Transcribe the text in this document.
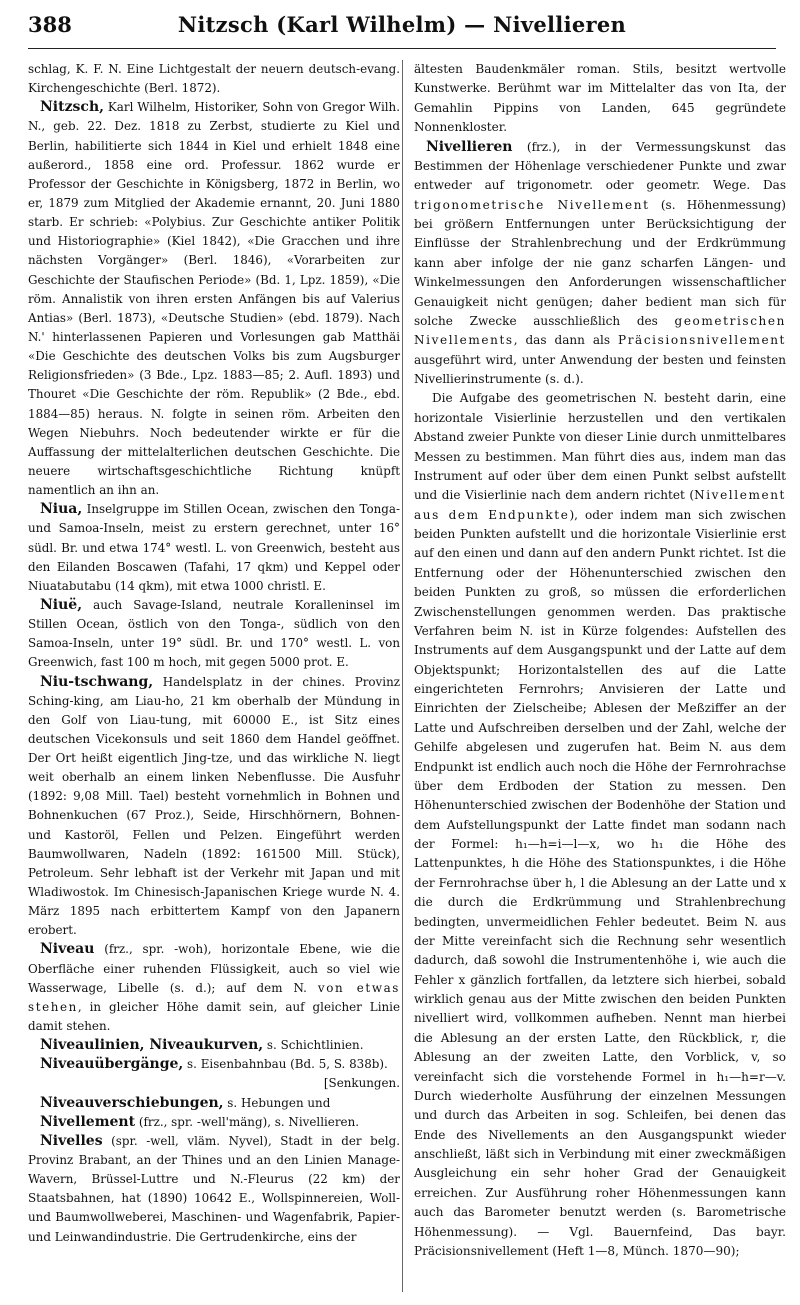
388	Nitzsch (Karl Wilhelm) — Nivellieren

schlag, K. F. N. Eine Lichtgestalt der neuern deutsch-evang. Kirchengeschichte (Berl. 1872).

Nitzsch, Karl Wilhelm, Historiker, Sohn von Gregor Wilh. N., geb. 22. Dez. 1818 zu Zerbst, studierte zu Kiel und Berlin, habilitierte sich 1844 in Kiel und erhielt 1848 eine außerord., 1858 eine ord. Professur. 1862 wurde er Professor der Geschichte in Königsberg, 1872 in Berlin, wo er, 1879 zum Mitglied der Akademie ernannt, 20. Juni 1880 starb. Er schrieb: «Polybius. Zur Geschichte antiker Politik und Historiographie» (Kiel 1842), «Die Gracchen und ihre nächsten Vorgänger» (Berl. 1846), «Vorarbeiten zur Geschichte der Staufischen Periode» (Bd. 1, Lpz. 1859), «Die röm. Annalistik von ihren ersten Anfängen bis auf Valerius Antias» (Berl. 1873), «Deutsche Studien» (ebd. 1879). Nach N.' hinterlassenen Papieren und Vorlesungen gab Matthäi «Die Geschichte des deutschen Volks bis zum Augsburger Religionsfrieden» (3 Bde., Lpz. 1883—85; 2. Aufl. 1893) und Thouret «Die Geschichte der röm. Republik» (2 Bde., ebd. 1884—85) heraus. N. folgte in seinen röm. Arbeiten den Wegen Niebuhrs. Noch bedeutender wirkte er für die Auffassung der mittelalterlichen deutschen Geschichte. Die neuere wirtschaftsgeschichtliche Richtung knüpft namentlich an ihn an.

Niua, Inselgruppe im Stillen Ocean, zwischen den Tonga- und Samoa-Inseln, meist zu erstern gerechnet, unter 16° südl. Br. und etwa 174° westl. L. von Greenwich, besteht aus den Eilanden Boscawen (Tafahi, 17 qkm) und Keppel oder Niuatabutabu (14 qkm), mit etwa 1000 christl. E.

Niuë, auch Savage-Island, neutrale Koralleninsel im Stillen Ocean, östlich von den Tonga-, südlich von den Samoa-Inseln, unter 19° südl. Br. und 170° westl. L. von Greenwich, fast 100 m hoch, mit gegen 5000 prot. E.

Niu-tschwang, Handelsplatz in der chines. Provinz Sching-king, am Liau-ho, 21 km oberhalb der Mündung in den Golf von Liau-tung, mit 60000 E., ist Sitz eines deutschen Vicekonsuls und seit 1860 dem Handel geöffnet. Der Ort heißt eigentlich Jing-tze, und das wirkliche N. liegt weit oberhalb an einem linken Nebenflusse. Die Ausfuhr (1892: 9,08 Mill. Tael) besteht vornehmlich in Bohnen und Bohnenkuchen (67 Proz.), Seide, Hirschhörnern, Bohnen- und Kastoröl, Fellen und Pelzen. Eingeführt werden Baumwollwaren, Nadeln (1892: 161500 Mill. Stück), Petroleum. Sehr lebhaft ist der Verkehr mit Japan und mit Wladiwostok. Im Chinesisch-Japanischen Kriege wurde N. 4. März 1895 nach erbittertem Kampf von den Japanern erobert.

Niveau (frz., spr. -woh), horizontale Ebene, wie die Oberfläche einer ruhenden Flüssigkeit, auch so viel wie Wasserwage, Libelle (s. d.); auf dem N. von etwas stehen, in gleicher Höhe damit sein, auf gleicher Linie damit stehen.

Niveaulinien, Niveaukurven, s. Schichtlinien.

Niveauübergänge, s. Eisenbahnbau (Bd. 5, S. 838b).

[Senkungen.

Niveauverschiebungen, s. Hebungen und

Nivellement (frz., spr. -well'mäng), s. Nivellieren.

Nivelles (spr. -well, vläm. Nyvel), Stadt in der belg. Provinz Brabant, an der Thines und an den Linien Manage-Wavern, Brüssel-Luttre und N.-Fleurus (22 km) der Staatsbahnen, hat (1890) 10642 E., Wollspinnereien, Woll- und Baumwollweberei, Maschinen- und Wagenfabrik, Papier- und Leinwandindustrie. Die Gertrudenkirche, eins der

ältesten Baudenkmäler roman. Stils, besitzt wertvolle Kunstwerke. Berühmt war im Mittelalter das von Ita, der Gemahlin Pippins von Landen, 645 gegründete Nonnenkloster.

Nivellieren (frz.), in der Vermessungskunst das Bestimmen der Höhenlage verschiedener Punkte und zwar entweder auf trigonometr. oder geometr. Wege. Das trigonometrische Nivellement (s. Höhenmessung) bei größern Entfernungen unter Berücksichtigung der Einflüsse der Strahlenbrechung und der Erdkrümmung kann aber infolge der nie ganz scharfen Längen- und Winkelmessungen den Anforderungen wissenschaftlicher Genauigkeit nicht genügen; daher bedient man sich für solche Zwecke ausschließlich des geometrischen Nivellements, das dann als Präcisionsnivellement ausgeführt wird, unter Anwendung der besten und feinsten Nivellierinstrumente (s. d.).

Die Aufgabe des geometrischen N. besteht darin, eine horizontale Visierlinie herzustellen und den vertikalen Abstand zweier Punkte von dieser Linie durch unmittelbares Messen zu bestimmen. Man führt dies aus, indem man das Instrument auf oder über dem einen Punkt selbst aufstellt und die Visierlinie nach dem andern richtet (Nivellement aus dem Endpunkte), oder indem man sich zwischen beiden Punkten aufstellt und die horizontale Visierlinie erst auf den einen und dann auf den andern Punkt richtet. Ist die Entfernung oder der Höhenunterschied zwischen den beiden Punkten zu groß, so müssen die erforderlichen Zwischenstellungen genommen werden. Das praktische Verfahren beim N. ist in Kürze folgendes: Aufstellen des Instruments auf dem Ausgangspunkt und der Latte auf dem Objektspunkt; Horizontalstellen des auf die Latte eingerichteten Fernrohrs; Anvisieren der Latte und Einrichten der Zielscheibe; Ablesen der Meßziffer an der Latte und Aufschreiben derselben und der Zahl, welche der Gehilfe abgelesen und zugerufen hat. Beim N. aus dem Endpunkt ist endlich auch noch die Höhe der Fernrohrachse über dem Erdboden der Station zu messen. Den Höhenunterschied zwischen der Bodenhöhe der Station und dem Aufstellungspunkt der Latte findet man sodann nach der Formel: h₁—h=i—l—x, wo h₁ die Höhe des Lattenpunktes, h die Höhe des Stationspunktes, i die Höhe der Fernrohrachse über h, l die Ablesung an der Latte und x die durch die Erdkrümmung und Strahlenbrechung bedingten, unvermeidlichen Fehler bedeutet. Beim N. aus der Mitte vereinfacht sich die Rechnung sehr wesentlich dadurch, daß sowohl die Instrumentenhöhe i, wie auch die Fehler x gänzlich fortfallen, da letztere sich hierbei, sobald wirklich genau aus der Mitte zwischen den beiden Punkten nivelliert wird, vollkommen aufheben. Nennt man hierbei die Ablesung an der ersten Latte, den Rückblick, r, die Ablesung an der zweiten Latte, den Vorblick, v, so vereinfacht sich die vorstehende Formel in h₁—h=r—v. Durch wiederholte Ausführung der einzelnen Messungen und durch das Arbeiten in sog. Schleifen, bei denen das Ende des Nivellements an den Ausgangspunkt wieder anschließt, läßt sich in Verbindung mit einer zweckmäßigen Ausgleichung ein sehr hoher Grad der Genauigkeit erreichen. Zur Ausführung roher Höhenmessungen kann auch das Barometer benutzt werden (s. Barometrische Höhenmessung). — Vgl. Bauernfeind, Das bayr. Präcisionsnivellement (Heft 1—8, Münch. 1870—90);
